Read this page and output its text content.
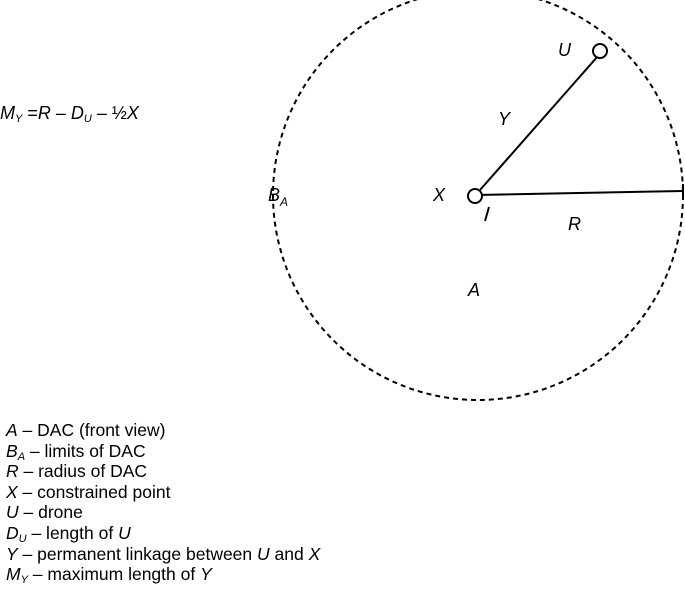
U
Y
X
R
$B_A$
A
$M_Y =R - D_U$ – ½X
A – DAC (front view)
$B_A$ – limits of DAC
R – radius of DAC
X – constrained point
U – drone
$D_U$ – length of U
Y – permanent linkage between U and X
$M_Y$ – maximum length of Y
